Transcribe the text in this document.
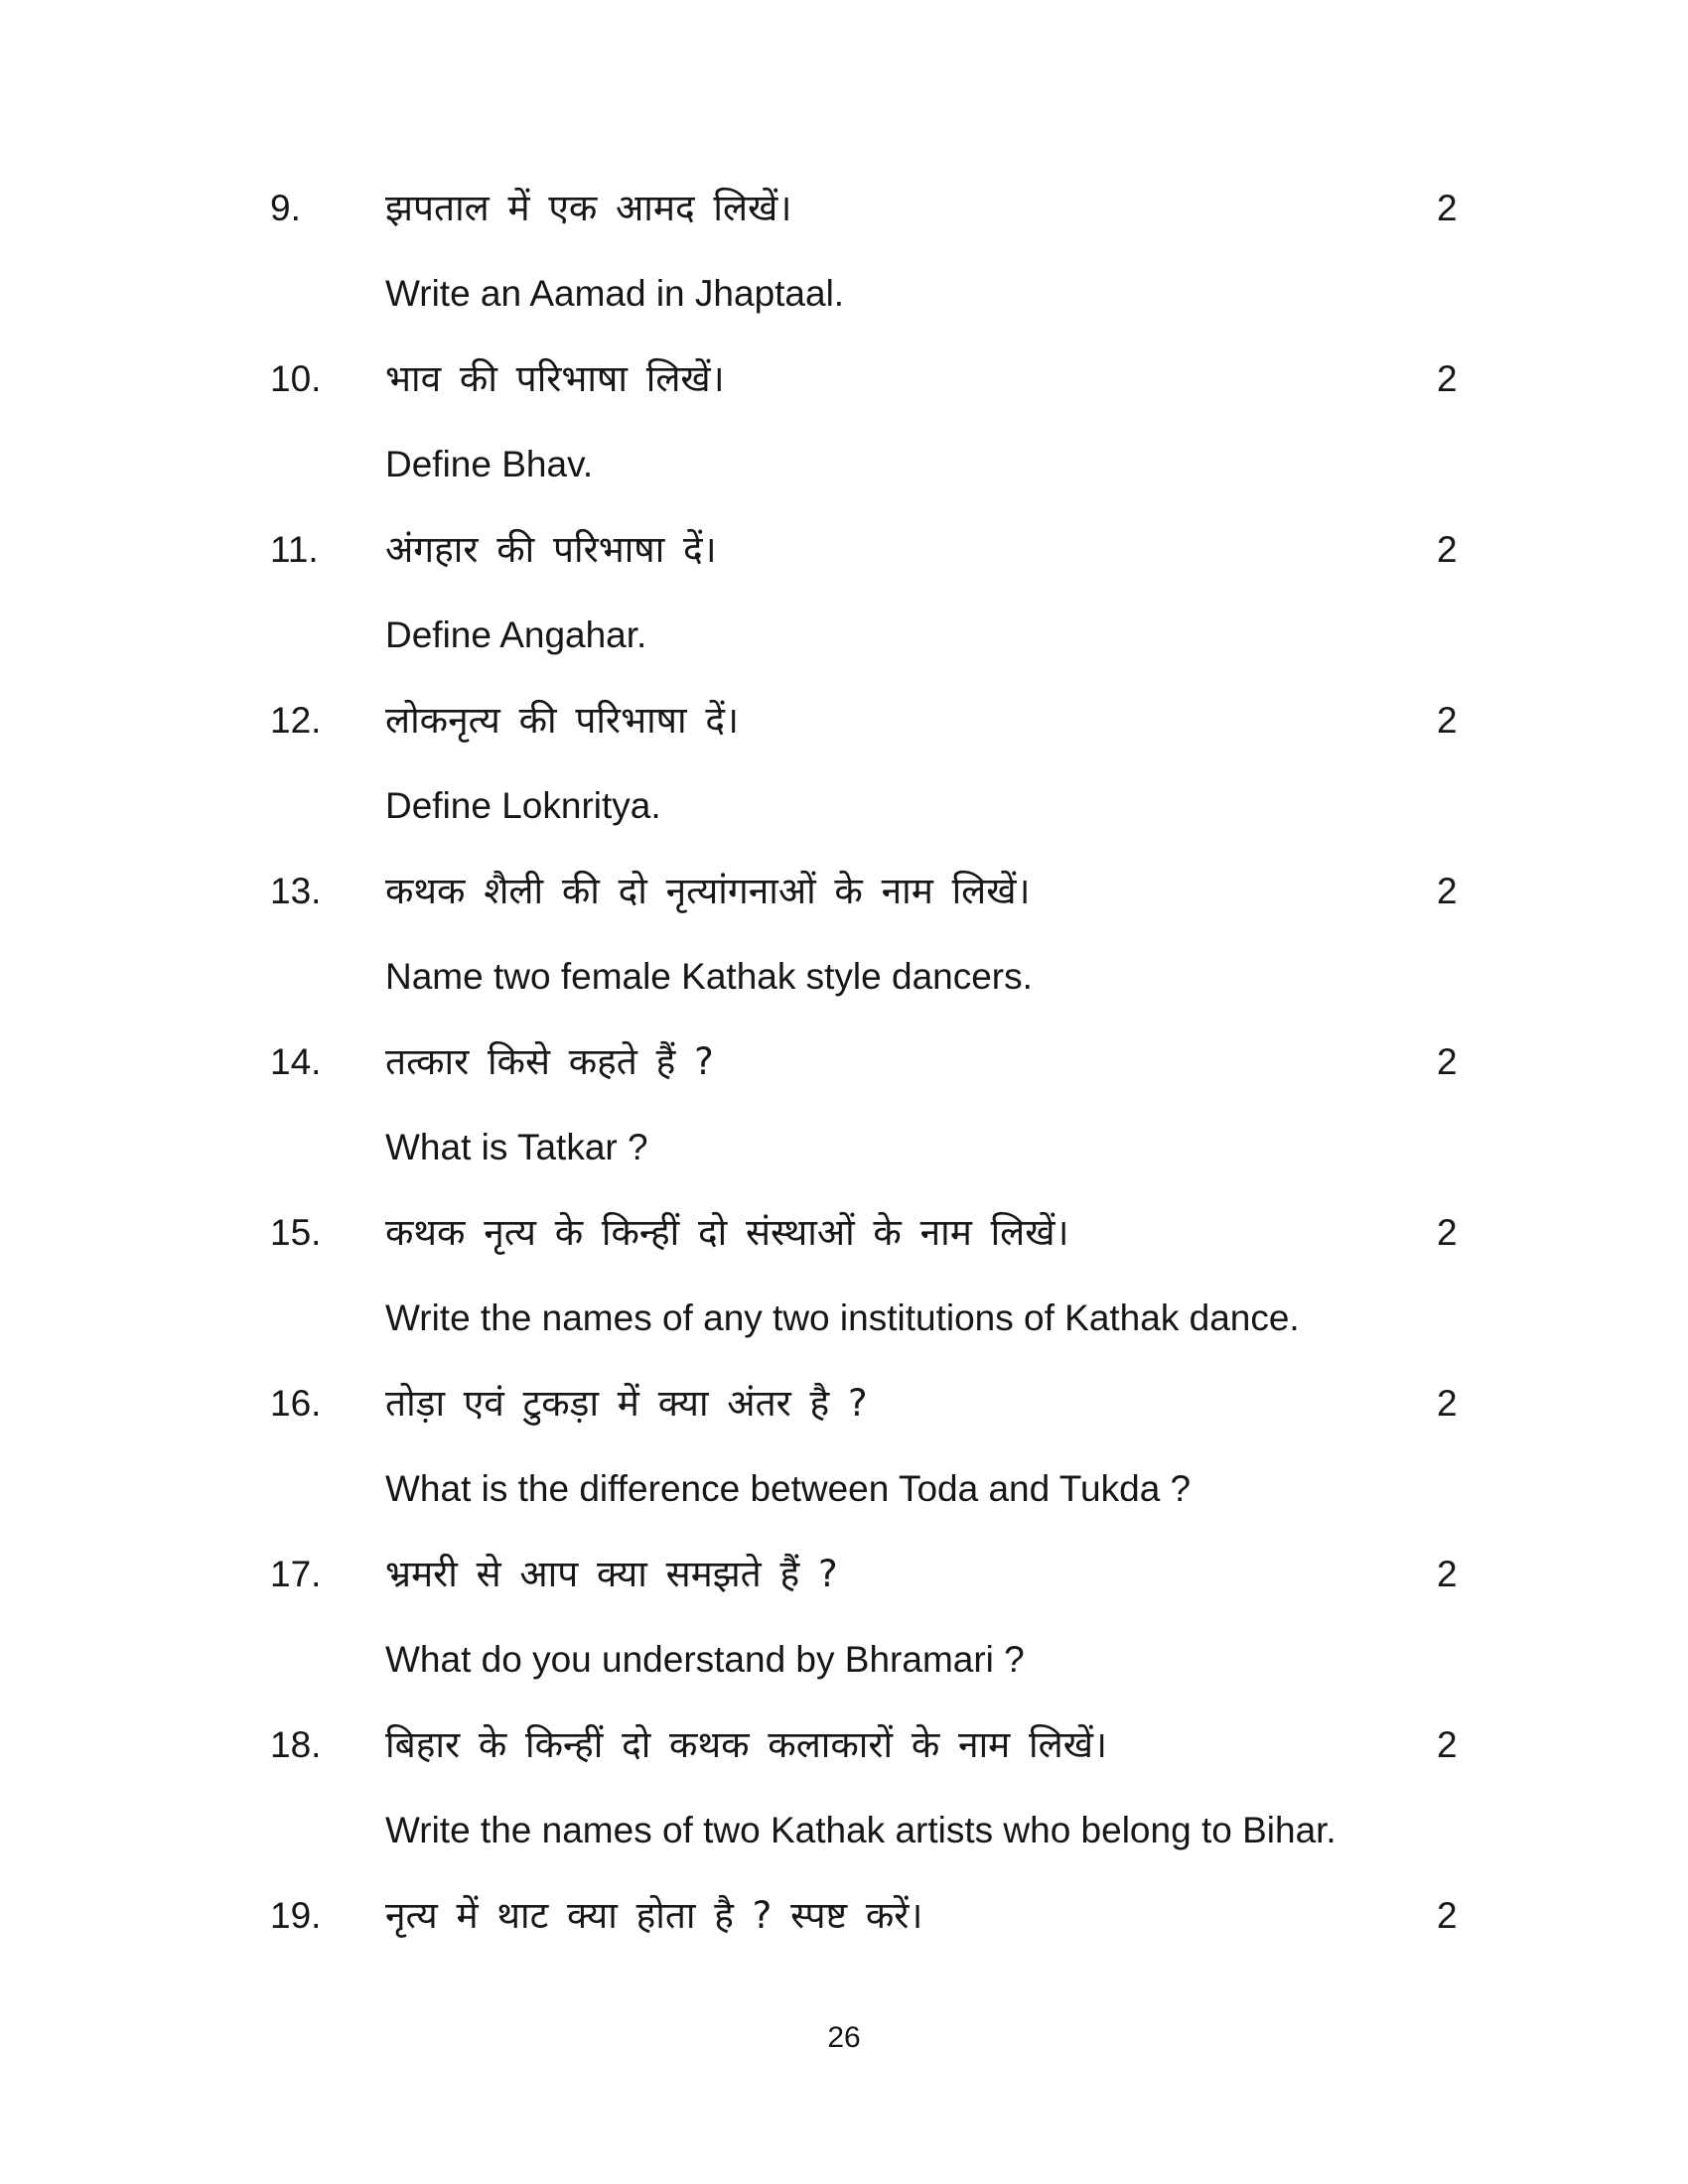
9. झपताल में एक आमद लिखें।	2
Write an Aamad in Jhaptaal.
10. भाव की परिभाषा लिखें।	2
Define Bhav.
11. अंगहार की परिभाषा दें।	2
Define Angahar.
12. लोकनृत्य की परिभाषा दें।	2
Define Loknritya.
13. कथक शैली की दो नृत्यांगनाओं के नाम लिखें।	2
Name two female Kathak style dancers.
14. तत्कार किसे कहते हैं ?	2
What is Tatkar ?
15. कथक नृत्य के किन्हीं दो संस्थाओं के नाम लिखें।	2
Write the names of any two institutions of Kathak dance.
16. तोड़ा एवं टुकड़ा में क्या अंतर है ?	2
What is the difference between Toda and Tukda ?
17. भ्रमरी से आप क्या समझते हैं ?	2
What do you understand by Bhramari ?
18. बिहार के किन्हीं दो कथक कलाकारों के नाम लिखें।	2
Write the names of two Kathak artists who belong to Bihar.
19. नृत्य में थाट क्या होता है ? स्पष्ट करें।	2
26
